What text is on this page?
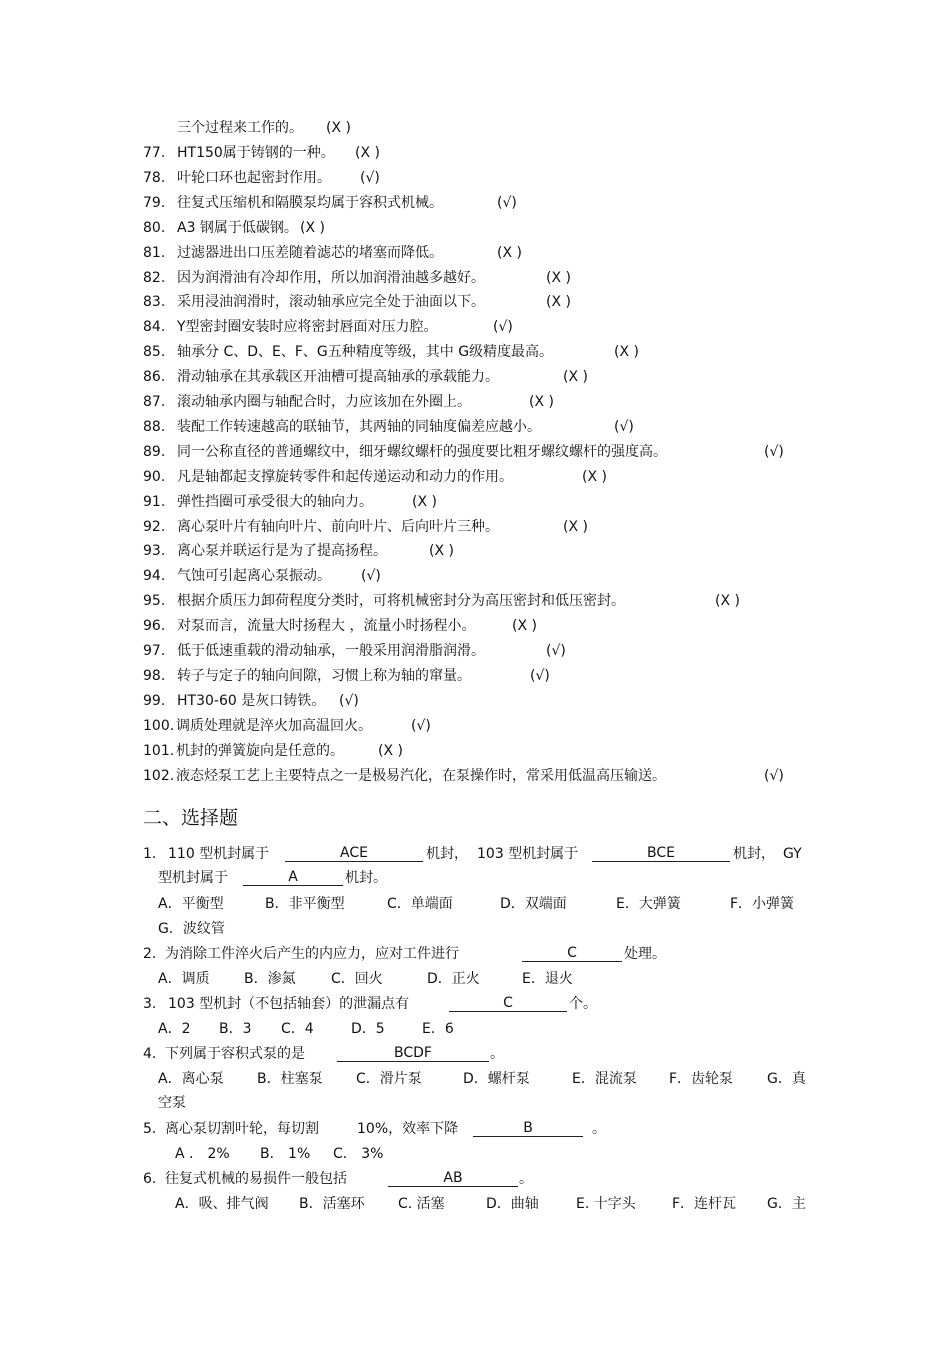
三个过程来工作的。 (X )
77. HT150属于铸钢的一种。 (X )
78. 叶轮口环也起密封作用。 (√)
79. 往复式压缩机和隔膜泵均属于容积式机械。	(√)
80. A3 钢属于低碳钢。 (X )
81. 过滤器进出口压差随着滤芯的堵塞而降低。	(X )
82. 因为润滑油有冷却作用，所以加润滑油越多越好。	(X )
83. 采用浸油润滑时，滚动轴承应完全处于油面以下。	(X )
84. Y型密封圈安装时应将密封唇面对压力腔。	(√)
85. 轴承分 C、D、E、F、G五种精度等级，其中 G级精度最高。	(X )
86. 滑动轴承在其承载区开油槽可提高轴承的承载能力。	(X )
87. 滚动轴承内圈与轴配合时，力应该加在外圈上。	(X )
88. 装配工作转速越高的联轴节，其两轴的同轴度偏差应越小。	(√)
89. 同一公称直径的普通螺纹中，细牙螺纹螺杆的强度要比粗牙螺纹螺杆的强度高。	(√)
90. 凡是轴都起支撑旋转零件和起传递运动和动力的作用。	(X )
91. 弹性挡圈可承受很大的轴向力。	(X )
92. 离心泵叶片有轴向叶片、前向叶片、后向叶片三种。	(X )
93. 离心泵并联运行是为了提高扬程。	(X )
94. 气蚀可引起离心泵振动。 (√)
95. 根据介质压力卸荷程度分类时，可将机械密封分为高压密封和低压密封。	(X )
96. 对泵而言，流量大时扬程大 ，流量小时扬程小。	(X )
97. 低于低速重载的滑动轴承，一般采用润滑脂润滑。	(√)
98. 转子与定子的轴向间隙，习惯上称为轴的窜量。	(√)
99. HT30-60 是灰口铸铁。 (√)
100. 调质处理就是淬火加高温回火。	(√)
101. 机封的弹簧旋向是任意的。 (X )
102. 液态烃泵工艺上主要特点之一是极易汽化，在泵操作时，常采用低温高压输送。	(√)
二、选择题
1. 110 型机封属于	ACE	机封， 103 型机封属于	BCE	机封， GY
型机封属于	A	机封。
A．平衡型	B．非平衡型	C．单端面	D．双端面	E．大弹簧	F．小弹簧
G．波纹管
2. 为消除工件淬火后产生的内应力，应对工件进行	C	处理。
A．调质 B．渗氮	C．回火	D．正火	E．退火
3. 103 型机封（不包括轴套）的泄漏点有	C	个。
A．2 B．3 C．4	D．5	E．6
4. 下列属于容积式泵的是	BCDF	。
A．离心泵 B．柱塞泵 C．滑片泵	D．螺杆泵	E．混流泵 F．齿轮泵 G．真
空泵
5. 离心泵切割叶轮，每切割	10%，效率下降	B	。
A ． 2% B． 1% C． 3%
6. 往复式机械的易损件一般包括	AB	。
A．吸、排气阀 B．活塞环 C. 活塞	D．曲轴	E. 十字头	F．连杆瓦 G．主
